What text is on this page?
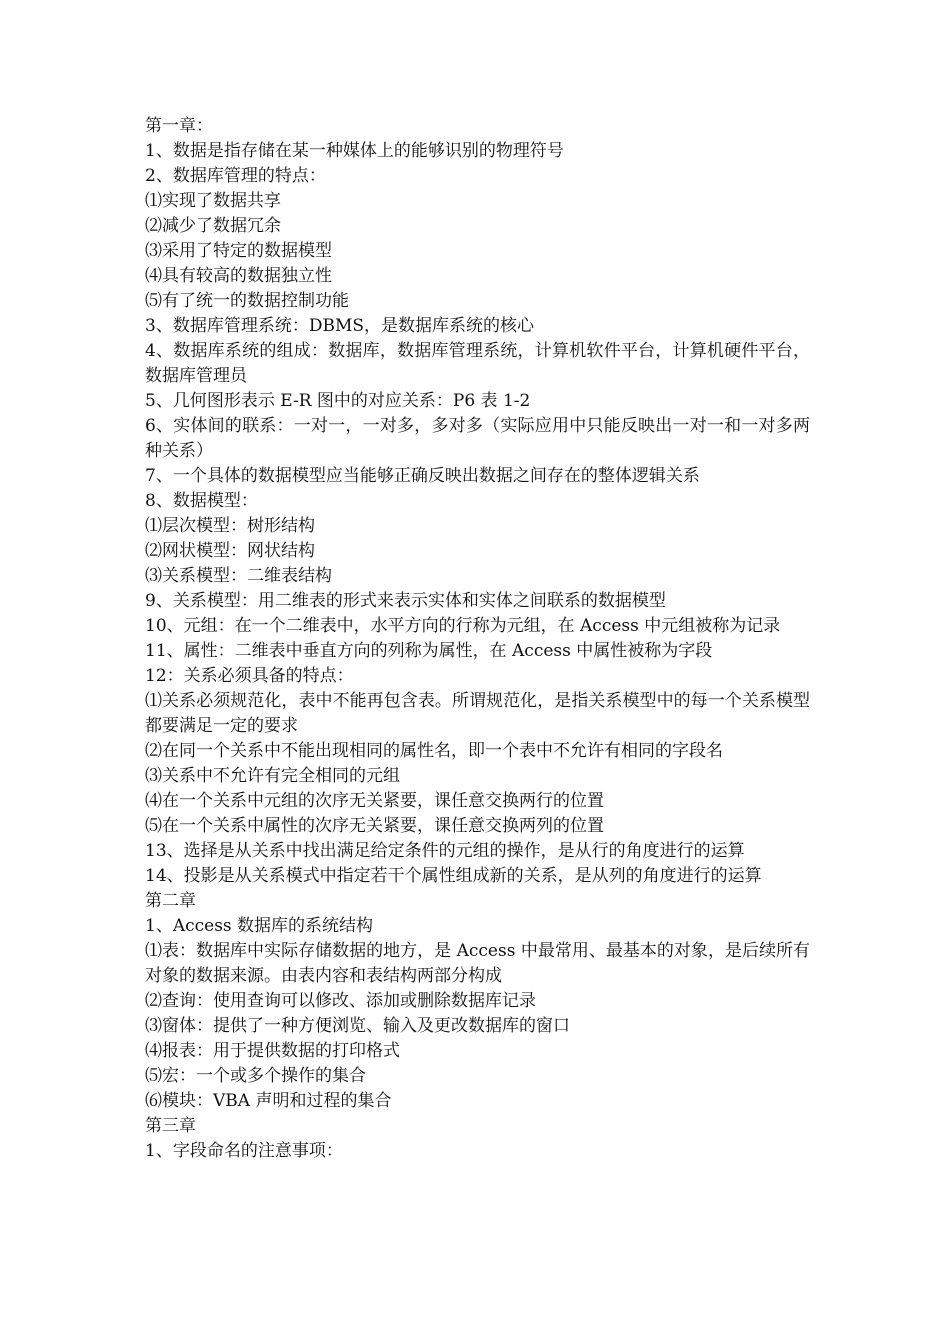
第一章：

1、数据是指存储在某一种媒体上的能够识别的物理符号

2、数据库管理的特点：

⑴实现了数据共享

⑵减少了数据冗余

⑶采用了特定的数据模型

⑷具有较高的数据独立性

⑸有了统一的数据控制功能

3、数据库管理系统：DBMS，是数据库系统的核心

4、数据库系统的组成：数据库，数据库管理系统，计算机软件平台，计算机硬件平台，数据库管理员

5、几何图形表示 E-R 图中的对应关系：P6 表 1-2

6、实体间的联系：一对一，一对多，多对多（实际应用中只能反映出一对一和一对多两种关系）

7、一个具体的数据模型应当能够正确反映出数据之间存在的整体逻辑关系

8、数据模型：

⑴层次模型：树形结构

⑵网状模型：网状结构

⑶关系模型：二维表结构

9、关系模型：用二维表的形式来表示实体和实体之间联系的数据模型

10、元组：在一个二维表中，水平方向的行称为元组，在 Access 中元组被称为记录

11、属性：二维表中垂直方向的列称为属性，在 Access 中属性被称为字段

12：关系必须具备的特点：

⑴关系必须规范化，表中不能再包含表。所谓规范化，是指关系模型中的每一个关系模型都要满足一定的要求

⑵在同一个关系中不能出现相同的属性名，即一个表中不允许有相同的字段名

⑶关系中不允许有完全相同的元组

⑷在一个关系中元组的次序无关紧要，课任意交换两行的位置

⑸在一个关系中属性的次序无关紧要，课任意交换两列的位置

13、选择是从关系中找出满足给定条件的元组的操作，是从行的角度进行的运算

14、投影是从关系模式中指定若干个属性组成新的关系，是从列的角度进行的运算

第二章

1、Access 数据库的系统结构

⑴表：数据库中实际存储数据的地方，是 Access 中最常用、最基本的对象，是后续所有对象的数据来源。由表内容和表结构两部分构成

⑵查询：使用查询可以修改、添加或删除数据库记录

⑶窗体：提供了一种方便浏览、输入及更改数据库的窗口

⑷报表：用于提供数据的打印格式

⑸宏：一个或多个操作的集合

⑹模块：VBA 声明和过程的集合

第三章

1、字段命名的注意事项：
